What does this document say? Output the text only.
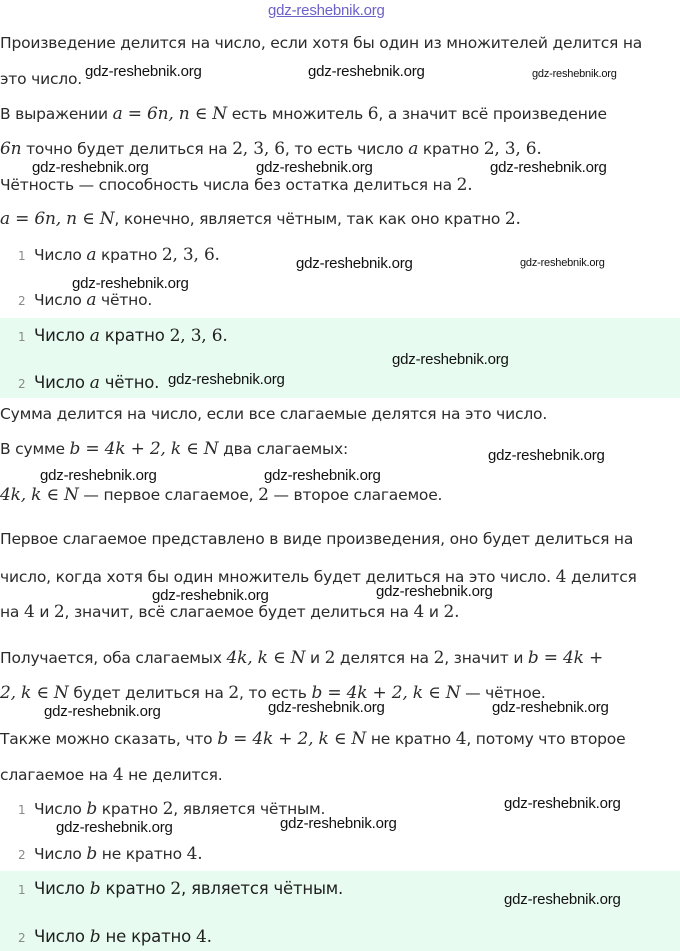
gdz-reshebnik.org
Произведение делится на число, если хотя бы один из множителей делится на
это число.
В выражении a = 6n, n ∈ N есть множитель 6, а значит всё произведение
6n точно будет делиться на 2, 3, 6, то есть число a кратно 2, 3, 6.
Чётность — способность числа без остатка делиться на 2.
a = 6n, n ∈ N, конечно, является чётным, так как оно кратно 2.
1 Число a кратно 2, 3, 6.
2 Число a чётно.
1 Число a кратно 2, 3, 6.
2 Число a чётно.
Сумма делится на число, если все слагаемые делятся на это число.
В сумме b = 4k + 2, k ∈ N два слагаемых:
4k, k ∈ N — первое слагаемое, 2 — второе слагаемое.
Первое слагаемое представлено в виде произведения, оно будет делиться на
число, когда хотя бы один множитель будет делиться на это число. 4 делится
на 4 и 2, значит, всё слагаемое будет делиться на 4 и 2.
Получается, оба слагаемых 4k, k ∈ N и 2 делятся на 2, значит и b = 4k +
2, k ∈ N будет делиться на 2, то есть b = 4k + 2, k ∈ N — чётное.
Также можно сказать, что b = 4k + 2, k ∈ N не кратно 4, потому что второе
слагаемое на 4 не делится.
1 Число b кратно 2, является чётным.
2 Число b не кратно 4.
1 Число b кратно 2, является чётным.
2 Число b не кратно 4.
gdz-reshebnik.org	gdz-reshebnik.org	gdz-reshebnik.org
gdz-reshebnik.org	gdz-reshebnik.org	gdz-reshebnik.org
gdz-reshebnik.org	gdz-reshebnik.org
gdz-reshebnik.org
gdz-reshebnik.org
gdz-reshebnik.org
gdz-reshebnik.org
gdz-reshebnik.org	gdz-reshebnik.org
gdz-reshebnik.org
gdz-reshebnik.org
gdz-reshebnik.org	gdz-reshebnik.org
gdz-reshebnik.org
gdz-reshebnik.org
gdz-reshebnik.org	gdz-reshebnik.org
gdz-reshebnik.org
